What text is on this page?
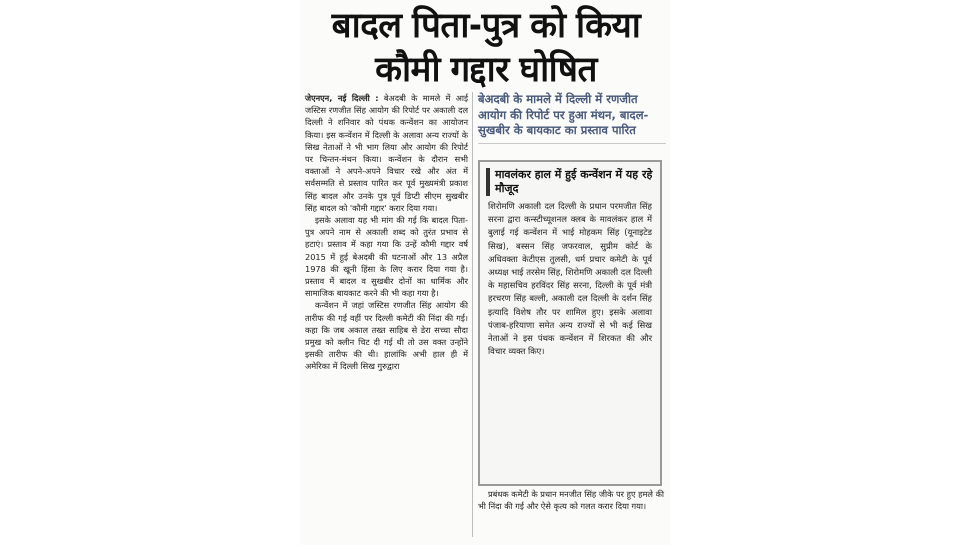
बादल पिता-पुत्र को किया
कौमी गद्दार घोषित

जेएनएन, नई दिल्ली : बेअदबी के मामले में आई जस्टिस रणजीत सिंह आयोग की रिपोर्ट पर अकाली दल दिल्ली ने शनिवार को पंथक कन्वेंशन का आयोजन किया। इस कन्वेंशन में दिल्ली के अलावा अन्य राज्यों के सिख नेताओं ने भी भाग लिया और आयोग की रिपोर्ट पर चिन्तन-मंथन किया। कन्वेंशन के दौरान सभी वक्ताओं ने अपने-अपने विचार रखे और अंत में सर्वसम्मति से प्रस्ताव पारित कर पूर्व मुख्यमंत्री प्रकाश सिंह बादल और उनके पुत्र पूर्व डिप्टी सीएम सुखबीर सिंह बादल को 'कौमी गद्दार' करार दिया गया।

इसके अलावा यह भी मांग की गई कि बादल पिता-पुत्र अपने नाम से अकाली शब्द को तुरंत प्रभाव से हटाएं। प्रस्ताव में कहा गया कि उन्हें कौमी गद्दार वर्ष 2015 में हुई बेअदबी की घटनाओं और 13 अप्रैल 1978 की खूनी हिंसा के लिए करार दिया गया है। प्रस्ताव में बादल व सुखबीर दोनों का धार्मिक और सामाजिक बायकाट करने की भी कहा गया है।

कन्वेंशन में जहां जस्टिस रणजीत सिंह आयोग की तारीफ की गई वहीं पर दिल्ली कमेटी की निंदा की गई। कहा कि जब अकाल तख्त साहिब से डेरा सच्चा सौदा प्रमुख को क्लीन चिट दी गई थी तो उस वक्त उन्होंने इसकी तारीफ की थी। हालांकि अभी हाल ही में अमेरिका में दिल्ली सिख गुरुद्वारा

बेअदबी के मामले में दिल्ली में रणजीत आयोग की रिपोर्ट पर हुआ मंथन, बादल-सुखबीर के बायकाट का प्रस्ताव पारित
मावलंकर हाल में हुई कन्वेंशन में यह रहे मौजूद
शिरोमणि अकाली दल दिल्ली के प्रधान परमजीत सिंह सरना द्वारा कन्स्टीच्यूशनल क्लब के मावलंकर हाल में बुलाई गई कन्वेंशन में भाई मोहकम सिंह (यूनाइटेड सिख), बस्सन सिंह जफरवाल, सुप्रीम कोर्ट के अधिवक्ता केटीएस तुलसी, धर्म प्रचार कमेटी के पूर्व अध्यक्ष भाई तरसेम सिंह, शिरोमणि अकाली दल दिल्ली के महासचिव हरविंदर सिंह सरना, दिल्ली के पूर्व मंत्री हरचरण सिंह बल्ली, अकाली दल दिल्ली के दर्शन सिंह इत्यादि विशेष तौर पर शामिल हुए। इसके अलावा पंजाब-हरियाणा समेत अन्य राज्यों से भी कई सिख नेताओं ने इस पंथक कन्वेंशन में शिरकत की और विचार व्यक्त किए।

प्रबंधक कमेटी के प्रधान मनजीत सिंह जीके पर हुए हमले की भी निंदा की गई और ऐसे कृत्य को गलत करार दिया गया।
